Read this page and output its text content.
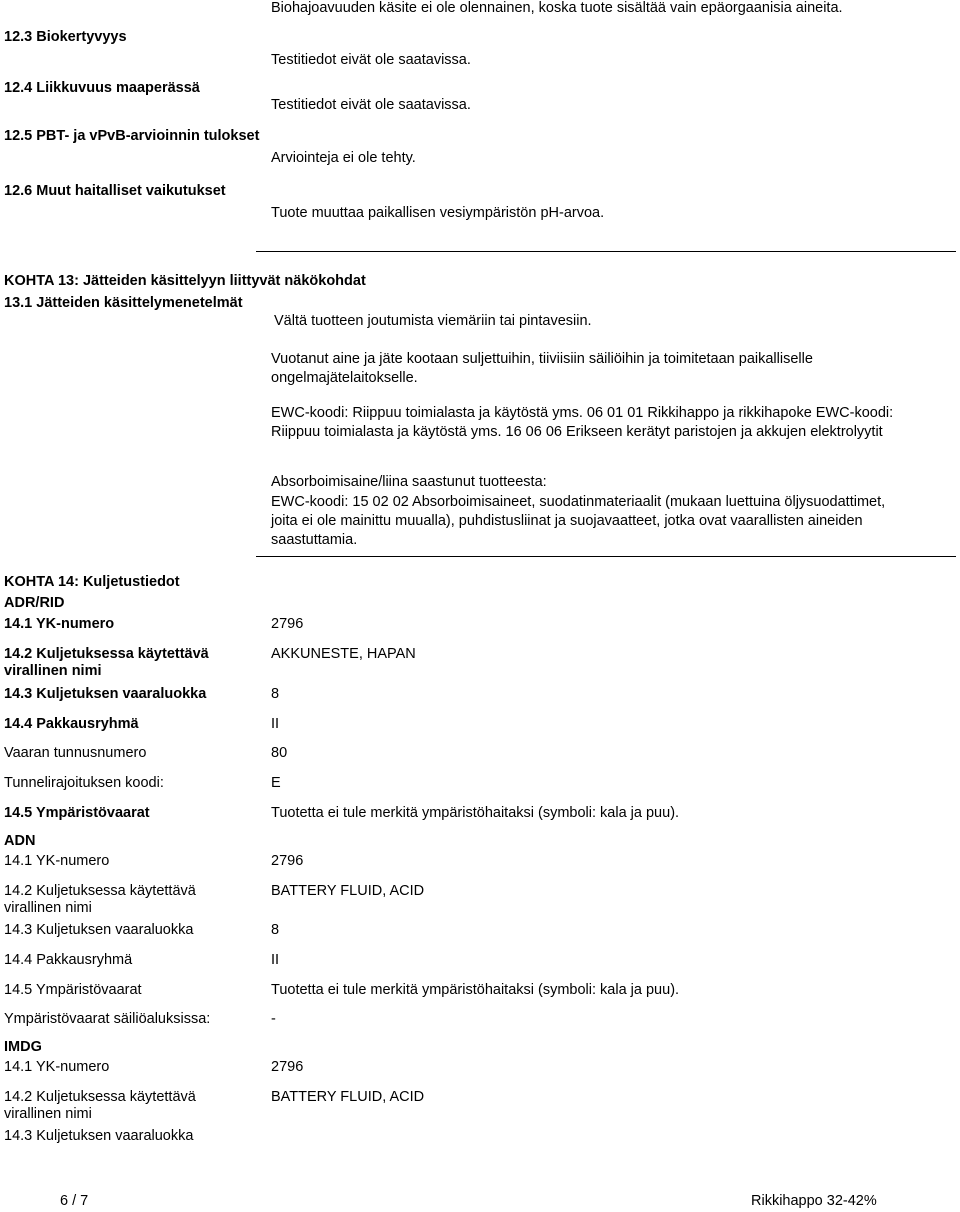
Biohajoavuuden käsite ei ole olennainen, koska tuote sisältää vain epäorgaanisia aineita.
12.3 Biokertyvyys
Testitiedot eivät ole saatavissa.
12.4 Liikkuvuus maaperässä
Testitiedot eivät ole saatavissa.
12.5 PBT- ja vPvB-arvioinnin tulokset
Arviointeja ei ole tehty.
12.6 Muut haitalliset vaikutukset
Tuote muuttaa paikallisen vesiympäristön pH-arvoa.
KOHTA 13: Jätteiden käsittelyyn liittyvät näkökohdat
13.1 Jätteiden käsittelymenetelmät
Vältä tuotteen joutumista viemäriin tai pintavesiin.
Vuotanut aine ja jäte kootaan suljettuihin, tiiviisiin säiliöihin ja toimitetaan paikalliselle ongelmajätelaitokselle.
EWC-koodi: Riippuu toimialasta ja käytöstä yms. 06 01 01 Rikkihappo ja rikkihapoke EWC-koodi: Riippuu toimialasta ja käytöstä yms. 16 06 06 Erikseen kerätyt paristojen ja akkujen elektrolyytit
Absorboimisaine/liina saastunut tuotteesta:
EWC-koodi: 15 02 02 Absorboimisaineet, suodatinmateriaalit (mukaan luettuina öljysuodattimet, joita ei ole mainittu muualla), puhdistusliinat ja suojavaatteet, jotka ovat vaarallisten aineiden saastuttamia.
KOHTA 14: Kuljetustiedot
ADR/RID
14.1 YK-numero	2796
14.2 Kuljetuksessa käytettävä virallinen nimi
AKKUNESTE, HAPAN
14.3 Kuljetuksen vaaraluokka	8
14.4 Pakkausryhmä	II
Vaaran tunnusnumero	80
Tunnelirajoituksen koodi:	E
14.5 Ympäristövaarat	Tuotetta ei tule merkitä ympäristöhaitaksi (symboli: kala ja puu).
ADN
14.1 YK-numero	2796
14.2 Kuljetuksessa käytettävä virallinen nimi
BATTERY FLUID, ACID
14.3 Kuljetuksen vaaraluokka	8
14.4 Pakkausryhmä	II
14.5 Ympäristövaarat	Tuotetta ei tule merkitä ympäristöhaitaksi (symboli: kala ja puu).
Ympäristövaarat säiliöaluksissa:	-
IMDG
14.1 YK-numero	2796
14.2 Kuljetuksessa käytettävä virallinen nimi
BATTERY FLUID, ACID
14.3 Kuljetuksen vaaraluokka
6 / 7	Rikkihappo 32-42%
